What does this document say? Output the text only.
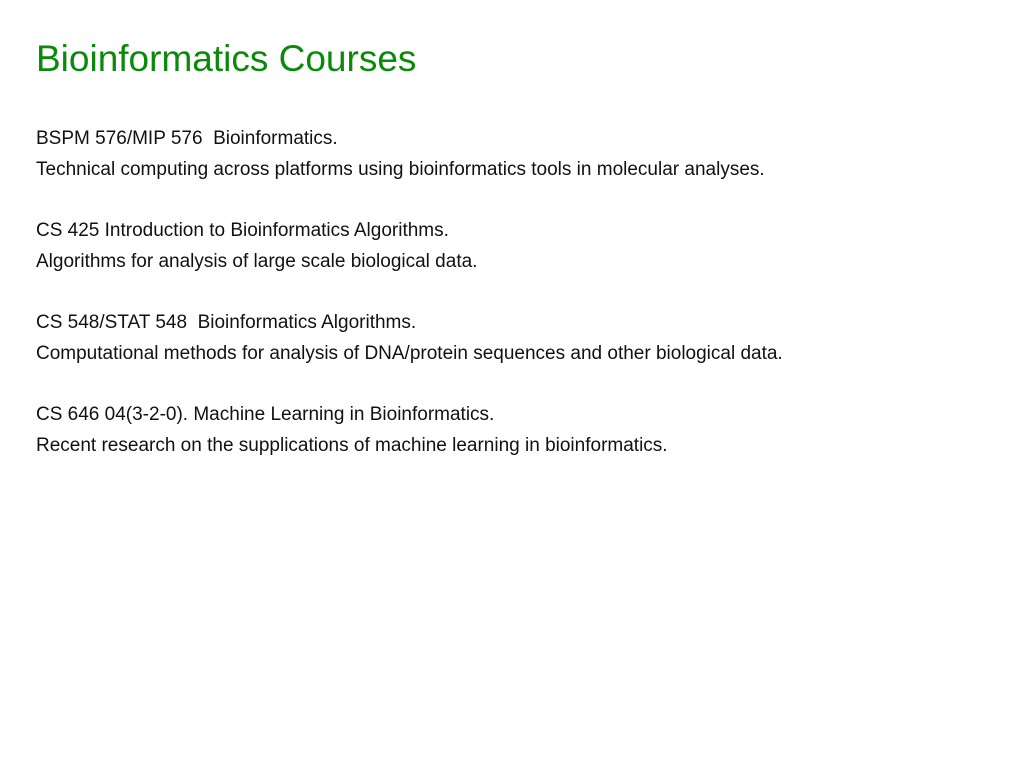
Bioinformatics Courses
BSPM 576/MIP 576  Bioinformatics.
Technical computing across platforms using bioinformatics tools in molecular analyses.
CS 425 Introduction to Bioinformatics Algorithms.
Algorithms for analysis of large scale biological data.
CS 548/STAT 548  Bioinformatics Algorithms.
Computational methods for analysis of DNA/protein sequences and other biological data.
CS 646 04(3-2-0). Machine Learning in Bioinformatics.
Recent research on the supplications of machine learning in bioinformatics.
